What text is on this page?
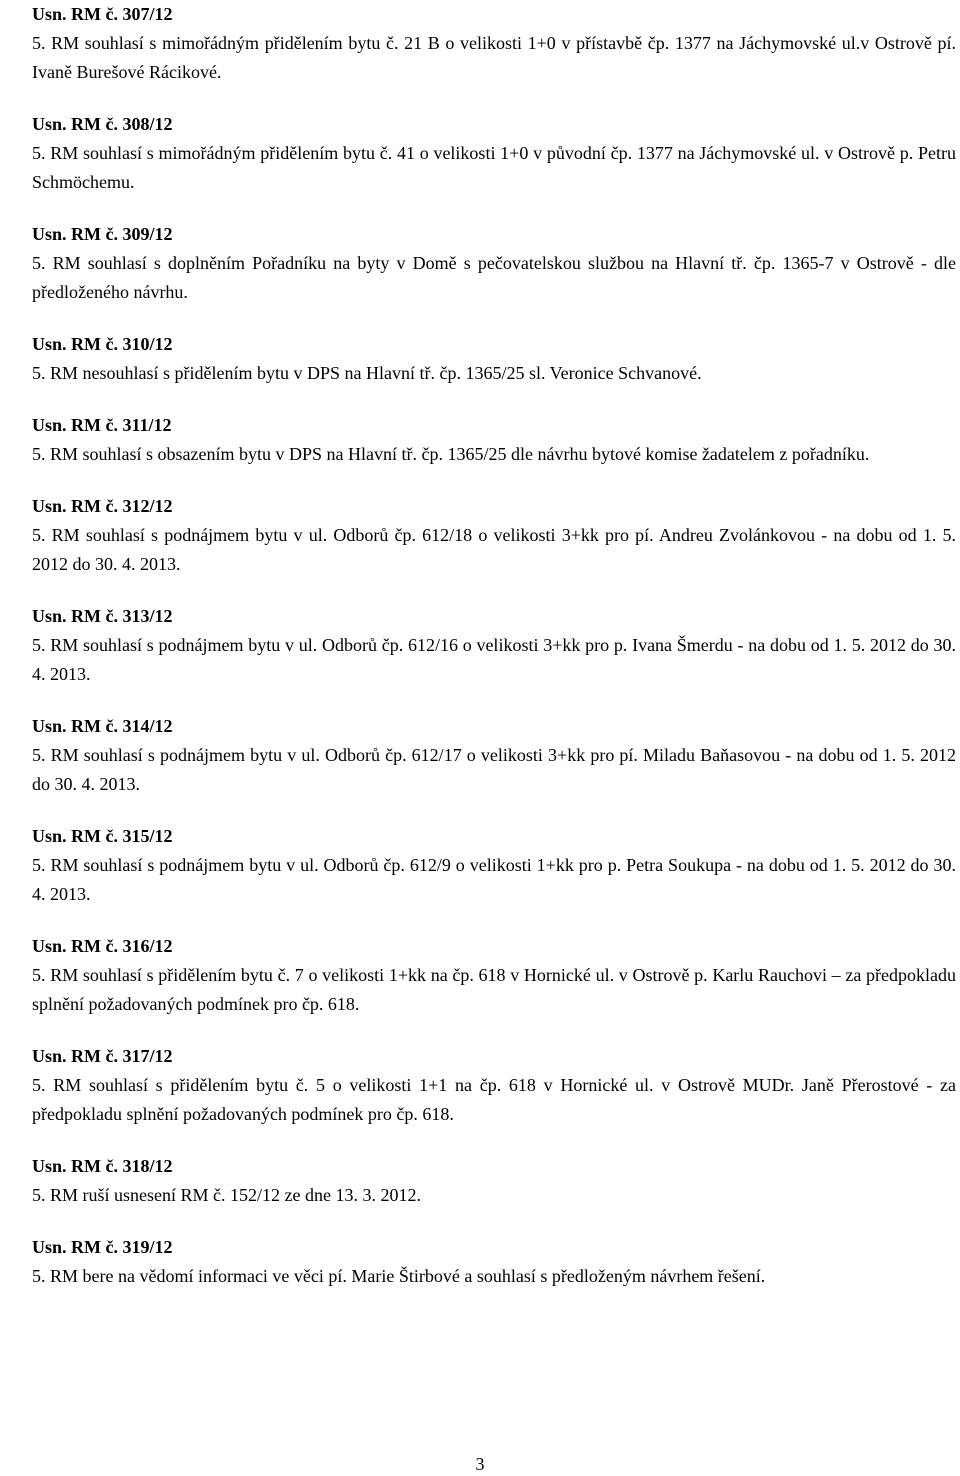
Usn. RM č. 307/12

5. RM souhlasí s mimořádným přidělením bytu č. 21 B o velikosti 1+0 v přístavbě čp. 1377 na Jáchymovské ul.v Ostrově pí. Ivaně Burešové Rácikové.

Usn. RM č. 308/12

5. RM souhlasí s mimořádným přidělením bytu č. 41 o velikosti 1+0 v původní čp. 1377 na Jáchymovské ul. v Ostrově p. Petru Schmöchemu.

Usn. RM č. 309/12

5. RM souhlasí s doplněním Pořadníku na byty v Domě s pečovatelskou službou na Hlavní tř. čp. 1365-7 v Ostrově - dle předloženého návrhu.

Usn. RM č. 310/12

5. RM nesouhlasí s přidělením bytu v DPS na Hlavní tř. čp. 1365/25 sl. Veronice Schvanové.

Usn. RM č. 311/12

5. RM souhlasí s obsazením bytu v DPS na Hlavní tř. čp. 1365/25 dle návrhu bytové komise žadatelem z pořadníku.

Usn. RM č. 312/12

5. RM souhlasí s podnájmem bytu v ul. Odborů čp. 612/18 o velikosti 3+kk pro pí. Andreu Zvolánkovou - na dobu od 1. 5. 2012 do 30. 4. 2013.

Usn. RM č. 313/12

5. RM souhlasí s podnájmem bytu v ul. Odborů čp. 612/16 o velikosti 3+kk pro p. Ivana Šmerdu - na dobu od 1. 5. 2012 do 30. 4. 2013.

Usn. RM č. 314/12

5. RM souhlasí s podnájmem bytu v ul. Odborů čp. 612/17 o velikosti 3+kk pro pí. Miladu Baňasovou - na dobu od 1. 5. 2012 do 30. 4. 2013.

Usn. RM č. 315/12

5. RM souhlasí s podnájmem bytu v ul. Odborů čp. 612/9 o velikosti 1+kk pro p. Petra Soukupa - na dobu od 1. 5. 2012 do 30. 4. 2013.

Usn. RM č. 316/12

5. RM souhlasí s přidělením bytu č. 7 o velikosti 1+kk na čp. 618 v Hornické ul. v Ostrově p. Karlu Rauchovi – za předpokladu splnění požadovaných podmínek pro čp. 618.

Usn. RM č. 317/12

5. RM souhlasí s přidělením bytu č. 5 o velikosti 1+1 na čp. 618 v Hornické ul. v Ostrově MUDr. Janě Přerostové - za předpokladu splnění požadovaných podmínek pro čp. 618.

Usn. RM č. 318/12

5. RM ruší usnesení RM č. 152/12 ze dne 13. 3. 2012.

Usn. RM č. 319/12

5. RM bere na vědomí informaci ve věci pí. Marie Štirbové a souhlasí s předloženým návrhem řešení.

3
